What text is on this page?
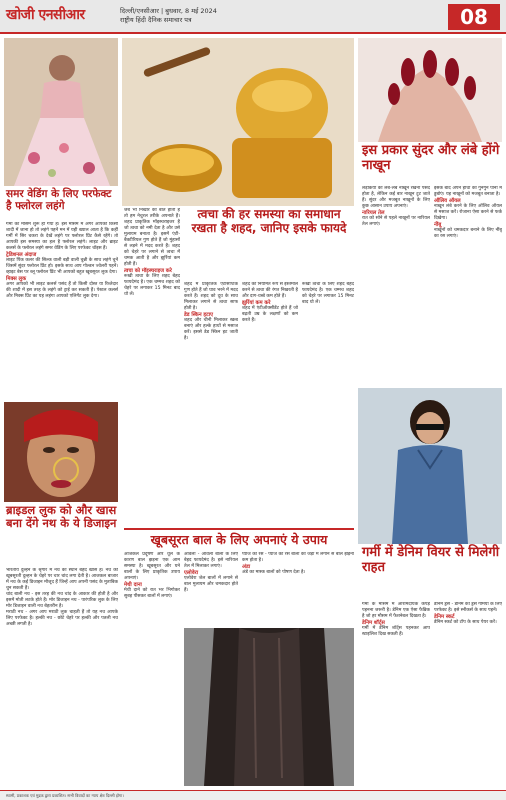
खोजी एनसीआर	दिल्ली/एनसीआर | बुधवार, 8 मई 2024
राष्ट्रीय हिंदी दैनिक समाचार पत्र	08
समर वेडिंग के लिए परफेक्ट है फ्लोरल लहंगे
गर्मी का मौसम शुरू हो गया है। इस मौसम में अगर आपको किसी शादी में जाना हो तो लहंगे पहनें मन में यही ख्याल आता है कि कहीं गर्मी में सिर चकरा के देखें लहंगे पर फ्लोरल प्रिंट कैसे रहेंगे। तो आपकी इस समस्या का हल है फ्लोरल लहंगे। लाइट और ब्राइट कलर्स के फ्लोरल लहंगे समर वेडिंग के लिए परफेक्ट चॉइस हैं।
ट्रेडिशनल अंदाज
लाइट पिंक कलर की सिल्क वाली बड़ी वाली चुन्नी के साथ लहंगे चुनें जिसमें सुंदर फ्लोरल प्रिंट हो। इसके साथ आप गोल्डन ज्वेलरी पहनें। व्हाइट बेस पर ब्लू फ्लोरल प्रिंट भी आपको बहुत खूबसूरत लुक देगा।
मिक्स लुक
अगर आपको भी लाइट कलर्स पसंद हैं तो किसी दोस्त या रिश्तेदार की शादी में इस तरह के लहंगे को ट्राई कर सकती हैं। पेस्टल कलर्स और मिक्स प्रिंट का यह लहंगा आपको एलिगेंट लुक देगा।
ब्राइडल लुक को और खास बना देंगे नथ के ये डिजाइन
भारतीय दुल्हन के श्रृंगार में नथ का स्थान बेहद खास है। नथ की खूबसूरती दुल्हन के चेहरे पर चार चांद लगा देती है। आजकल बाजार में नथ के कई डिजाइन मौजूद हैं जिन्हें आप अपनी पसंद के मुताबिक चुन सकती हैं।
चांद बाली नथ - इस तरह की नथ चांद के आकार की होती है और इसमें मोती लटके होते हैं। मोर डिजाइन नथ - पारंपरिक लुक के लिए मोर डिजाइन वाली नथ बेहतरीन है।
मराठी नथ - अगर आप मराठी लुक चाहती हैं तो यह नथ आपके लिए परफेक्ट है। हल्की नथ - छोटे चेहरे पर हल्की और पतली नथ अच्छी लगती है।
जब भी निखार की बात होती है तो हम नेचुरल तरीके अपनाते हैं। शहद प्राकृतिक मॉइस्चराइजर है जो त्वचा को नमी देता है और उसे मुलायम बनाता है। इसमें एंटी-बैक्टीरियल गुण होते हैं जो मुंहासों से लड़ने में मदद करते हैं। शहद को चेहरे पर लगाने से त्वचा में चमक आती है और झुर्रियां कम होती हैं।
त्वचा को मॉइस्चराइज करे
रूखी त्वचा के लिए शहद बेहद फायदेमंद है। एक चम्मच शहद को चेहरे पर लगाकर 15 मिनट बाद धो लें।
त्वचा की हर समस्या का समाधान रखता है शहद, जानिए इसके फायदे
शहद में प्राकृतिक एंटीसेप्टिक गुण होते हैं जो घाव भरने में मदद करते हैं। शहद को दूध के साथ मिलाकर लगाने से त्वचा साफ होती है।
डेड स्किन हटाए
शहद और चीनी मिलाकर स्क्रब बनाएं और हल्के हाथों से मसाज करें। इससे डेड स्किन हट जाती है।
शहद को नियमित रूप से इस्तेमाल करने से त्वचा की रंगत निखरती है और दाग-धब्बे कम होते हैं।
झुर्रियां कम करे
शहद में एंटीऑक्सीडेंट होते हैं जो बढ़ती उम्र के लक्षणों को कम करते हैं।
रूखी त्वचा के लिए शहद बेहद फायदेमंद है। एक चम्मच शहद को चेहरे पर लगाकर 15 मिनट बाद धो लें।
इस प्रकार सुंदर और लंबे होंगे नाखून
लड़कियों को लंबे-लंबे नाखून रखना पसंद होता है, लेकिन कई बार नाखून टूट जाते हैं। सुंदर और मजबूत नाखूनों के लिए कुछ आसान उपाय अपनाएं।
नारियल तेल
रात को सोने से पहले नाखूनों पर नारियल तेल लगाएं।
इसके बाद अपने हाथों को गुनगुने पानी में डुबोएं। यह नाखूनों को मजबूत बनाता है।
ऑलिव ऑयल
नाखून लंबे करने के लिए ऑलिव ऑयल से मसाज करें। रोजाना ऐसा करने से फर्क दिखेगा।
नींबू
नाखूनों को चमकदार बनाने के लिए नींबू का रस लगाएं।
गर्मी में डेनिम वियर से मिलेगी राहत
गर्मी के मौसम में आरामदायक कपड़े पहनना जरूरी है। डेनिम एक ऐसा फैब्रिक है जो हर मौसम में फैशनेबल दिखता है।
डेनिम शॉर्ट्स
गर्मी में डेनिम शॉर्ट्स पहनकर आप स्टाइलिश दिख सकती हैं।
डेनिम ड्रेस - डेनिम की ड्रेस गर्मियों के लिए परफेक्ट है। इसे स्नीकर्स के साथ पहनें।
डेनिम स्कर्ट
डेनिम स्कर्ट को टॉप के साथ पेयर करें।
खूबसूरत बाल के लिए अपनाएं ये उपाय
आजकल प्रदूषण और धूल के कारण बाल झड़ना एक आम समस्या है। खूबसूरत और घने बालों के लिए प्राकृतिक उपाय अपनाएं।
मेथी दाना
मेथी दाने को रात भर भिगोकर सुबह पीसकर बालों में लगाएं।
आंवला - आंवला बालों के लिए बेहद फायदेमंद है। इसे नारियल तेल में मिलाकर लगाएं।
एलोवेरा
एलोवेरा जेल बालों में लगाने से बाल मुलायम और चमकदार होते हैं।
प्याज का रस - प्याज का रस बालों की जड़ों में लगाने से बाल झड़ना कम होता है।
अंडा
अंडे का मास्क बालों को पोषण देता है।
स्वामी, प्रकाशक एवं मुद्रक द्वारा प्रकाशित। सभी विवादों का न्याय क्षेत्र दिल्ली होगा।
